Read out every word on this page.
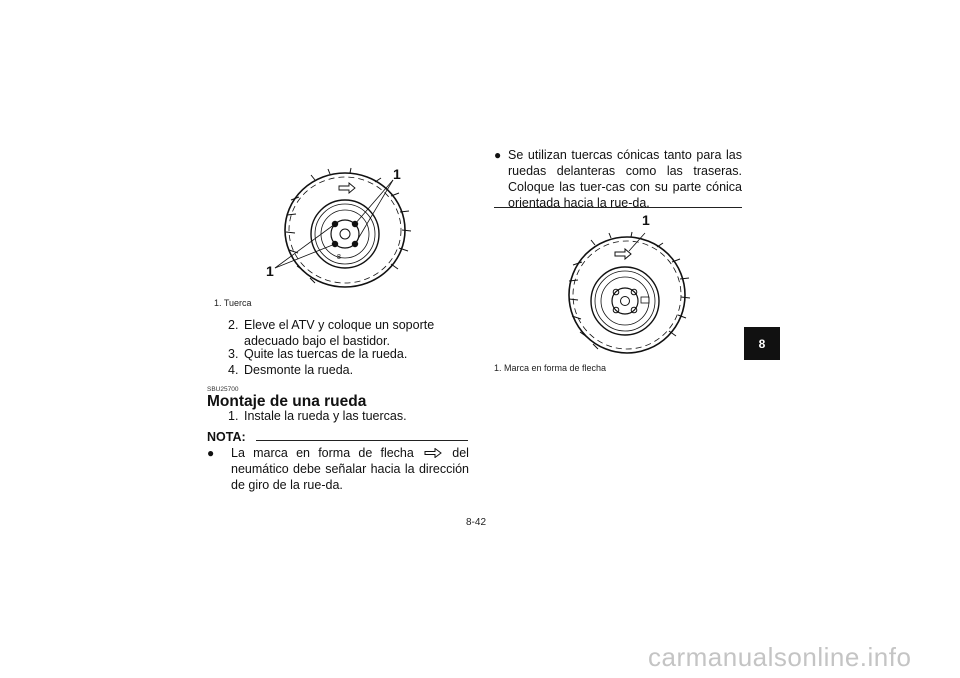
8
1
1
1. Tuerca
2. Eleve el ATV y coloque un soporte adecuado bajo el bastidor.
3. Quite las tuercas de la rueda.
4. Desmonte la rueda.
SBU25700
Montaje de una rueda
1. Instale la rueda y las tuercas.
NOTA:
● La marca en forma de flecha	del neumático debe señalar hacia la dirección de giro de la rue-da.
● Se utilizan tuercas cónicas tanto para las ruedas delanteras como las traseras. Coloque las tuer-cas con su parte cónica orientada hacia la rue-da.
1
1. Marca en forma de flecha
8
8-42
carmanualsonline.info
